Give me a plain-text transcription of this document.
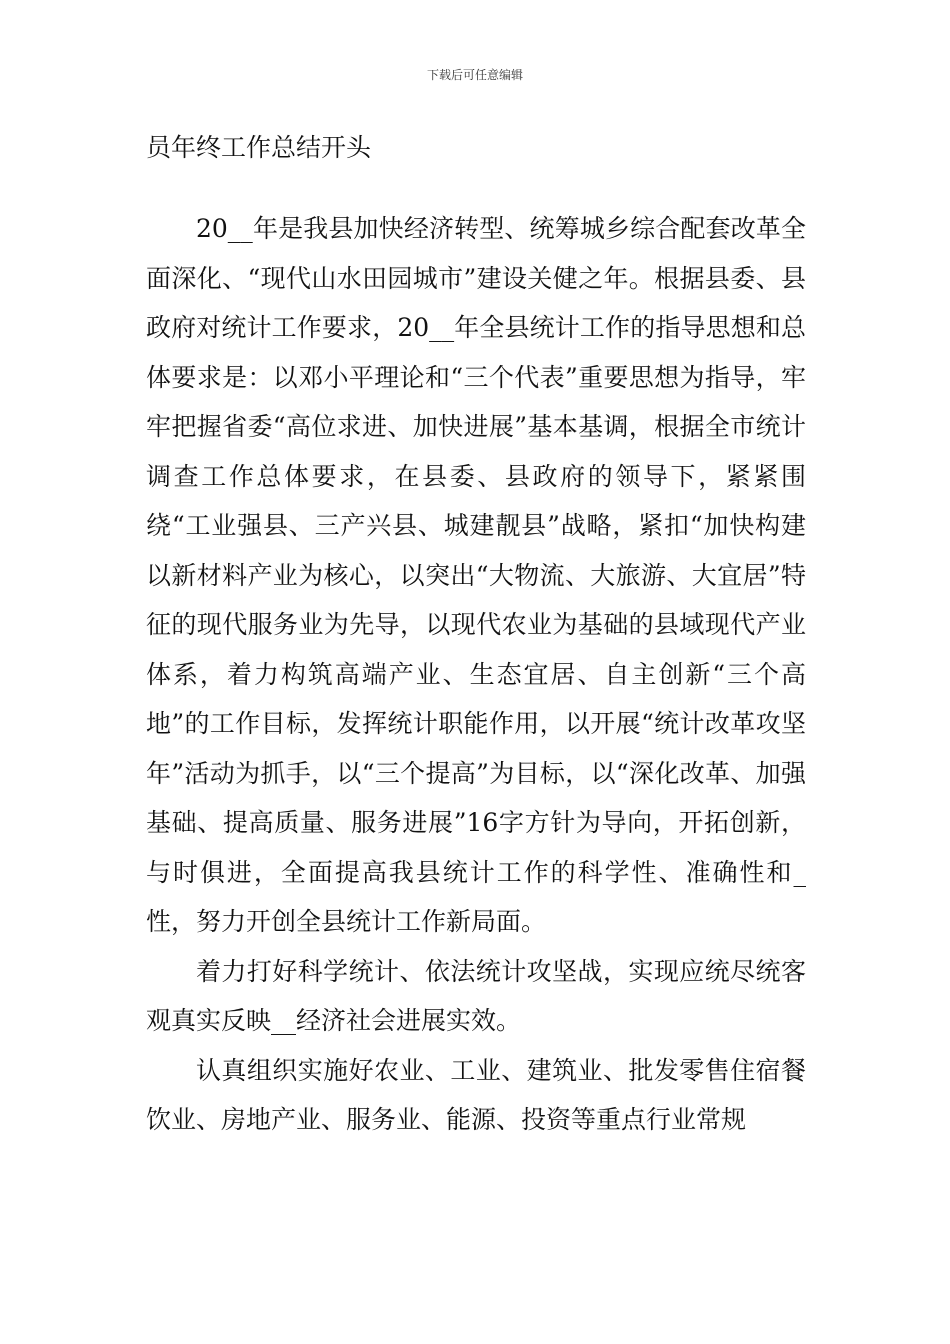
下载后可任意编辑
员年终工作总结开头

20__年是我县加快经济转型、统筹城乡综合配套改革全面深化、“现代山水田园城市”建设关健之年。根据县委、县政府对统计工作要求，20__年全县统计工作的指导思想和总体要求是：以邓小平理论和“三个代表”重要思想为指导，牢牢把握省委“高位求进、加快进展”基本基调，根据全市统计调查工作总体要求，在县委、县政府的领导下，紧紧围绕“工业强县、三产兴县、城建靓县”战略，紧扣“加快构建以新材料产业为核心，以突出“大物流、大旅游、大宜居”特征的现代服务业为先导，以现代农业为基础的县域现代产业体系，着力构筑高端产业、生态宜居、自主创新“三个高地”的工作目标，发挥统计职能作用，以开展“统计改革攻坚年”活动为抓手，以“三个提高”为目标，以“深化改革、加强基础、提高质量、服务进展”16字方针为导向，开拓创新，与时俱进，全面提高我县统计工作的科学性、准确性和_性，努力开创全县统计工作新局面。

着力打好科学统计、依法统计攻坚战，实现应统尽统客观真实反映__经济社会进展实效。

认真组织实施好农业、工业、建筑业、批发零售住宿餐饮业、房地产业、服务业、能源、投资等重点行业常规
